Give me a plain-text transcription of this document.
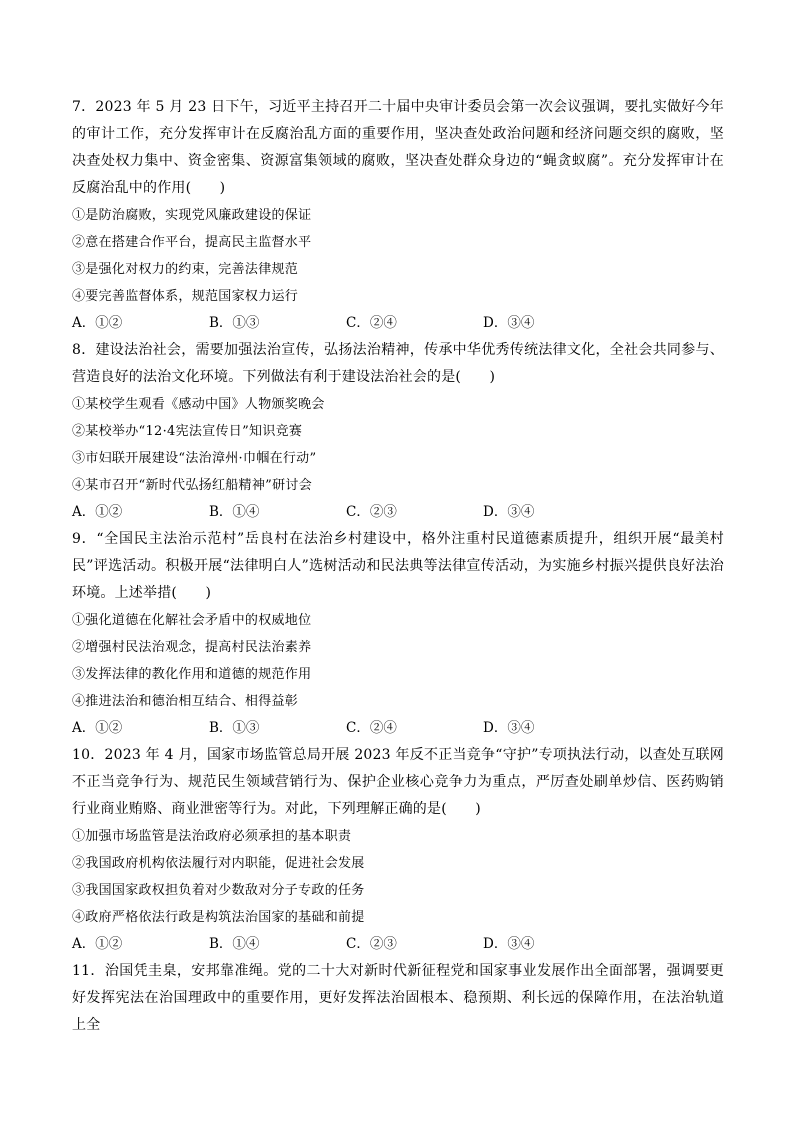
7．2023 年 5 月 23 日下午，习近平主持召开二十届中央审计委员会第一次会议强调，要扎实做好今年的审计工作，充分发挥审计在反腐治乱方面的重要作用，坚决查处政治问题和经济问题交织的腐败，坚决查处权力集中、资金密集、资源富集领域的腐败，坚决查处群众身边的“蝇贪蚁腐”。充分发挥审计在反腐治乱中的作用(　　)

①是防治腐败，实现党风廉政建设的保证

②意在搭建合作平台，提高民主监督水平

③是强化对权力的约束，完善法律规范

④要完善监督体系，规范国家权力运行

A．①②	B．①③	C．②④	D．③④

8．建设法治社会，需要加强法治宣传，弘扬法治精神，传承中华优秀传统法律文化，全社会共同参与、营造良好的法治文化环境。下列做法有利于建设法治社会的是(　　)

①某校学生观看《感动中国》人物颁奖晚会

②某校举办“12·4宪法宣传日”知识竞赛

③市妇联开展建设“法治漳州·巾帼在行动”

④某市召开“新时代弘扬红船精神”研讨会

A．①②	B．①④	C．②③	D．③④

9．“全国民主法治示范村”岳良村在法治乡村建设中，格外注重村民道德素质提升，组织开展“最美村民”评选活动。积极开展“法律明白人”选树活动和民法典等法律宣传活动，为实施乡村振兴提供良好法治环境。上述举措(　　)

①强化道德在化解社会矛盾中的权威地位

②增强村民法治观念，提高村民法治素养

③发挥法律的教化作用和道德的规范作用

④推进法治和德治相互结合、相得益彰

A．①②	B．①③	C．②④	D．③④

10．2023 年 4 月，国家市场监管总局开展 2023 年反不正当竞争“守护”专项执法行动，以查处互联网不正当竞争行为、规范民生领域营销行为、保护企业核心竞争力为重点，严厉查处刷单炒信、医药购销行业商业贿赂、商业泄密等行为。对此，下列理解正确的是(　　)

①加强市场监管是法治政府必须承担的基本职责

②我国政府机构依法履行对内职能，促进社会发展

③我国国家政权担负着对少数敌对分子专政的任务

④政府严格依法行政是构筑法治国家的基础和前提

A．①②	B．①④	C．②③	D．③④

11．治国凭圭臬，安邦靠准绳。党的二十大对新时代新征程党和国家事业发展作出全面部署，强调要更好发挥宪法在治国理政中的重要作用，更好发挥法治固根本、稳预期、利长远的保障作用，在法治轨道上全
